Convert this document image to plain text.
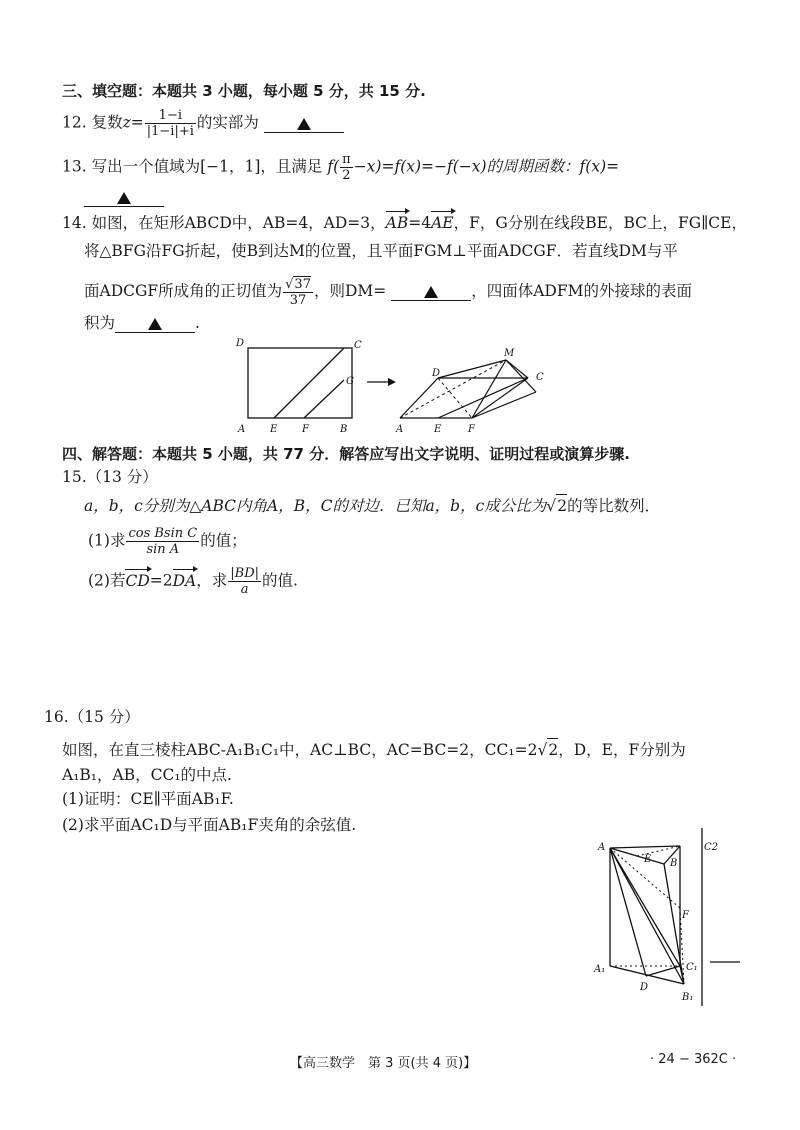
三、填空题：本题共 3 小题，每小题 5 分，共 15 分.
12. 复数$z= \frac{1-i}{|1-i|+i}$ 的实部为
13. 写出一个值域为[−1，1]，且满足 $f( \frac{\pi}{2} -x)=f(x)=-f(-x)$的周期函数：f(x)=
14. 如图，在矩形ABCD中，AB=4，AD=3，AB=4AE，F，G分别在线段BE，BC上，FG∥CE，
将△BFG沿FG折起，使B到达M的位置，且平面FGM⊥平面ADCGF．若直线DM与平
面ADCGF所成角的正切值为 $\frac{√37}{37}$ ，则DM=	，四面体ADFM的外接球的表面
积为	.
D	C
G
A E F	B
M
D	C
A	E	F
四、解答题：本题共 5 小题，共 77 分．解答应写出文字说明、证明过程或演算步骤.
15.（13 分）
a，b，c分别为△ABC内角A，B，C的对边．已知a，b，c成公比为√2的等比数列．
(1)求 $\frac{\text{cos Bsin C}}{\text{sin A}}$ 的值；
(2)若CD=2DA，求 $\frac{|BD|}{a}$ 的值.
16.（15 分）
如图，在直三棱柱ABC-A₁B₁C₁中，AC⊥BC，AC=BC=2，CC₁=2√2，D，E，F分别为
A₁B₁，AB，CC₁的中点.
(1)证明：CE∥平面AB₁F.
(2)求平面AC₁D与平面AB₁F夹角的余弦值.
A
E B
C2
F
A₁
D
C₁
B₁
【高三数学　第 3 页(共 4 页)】	· 24 − 362C ·
